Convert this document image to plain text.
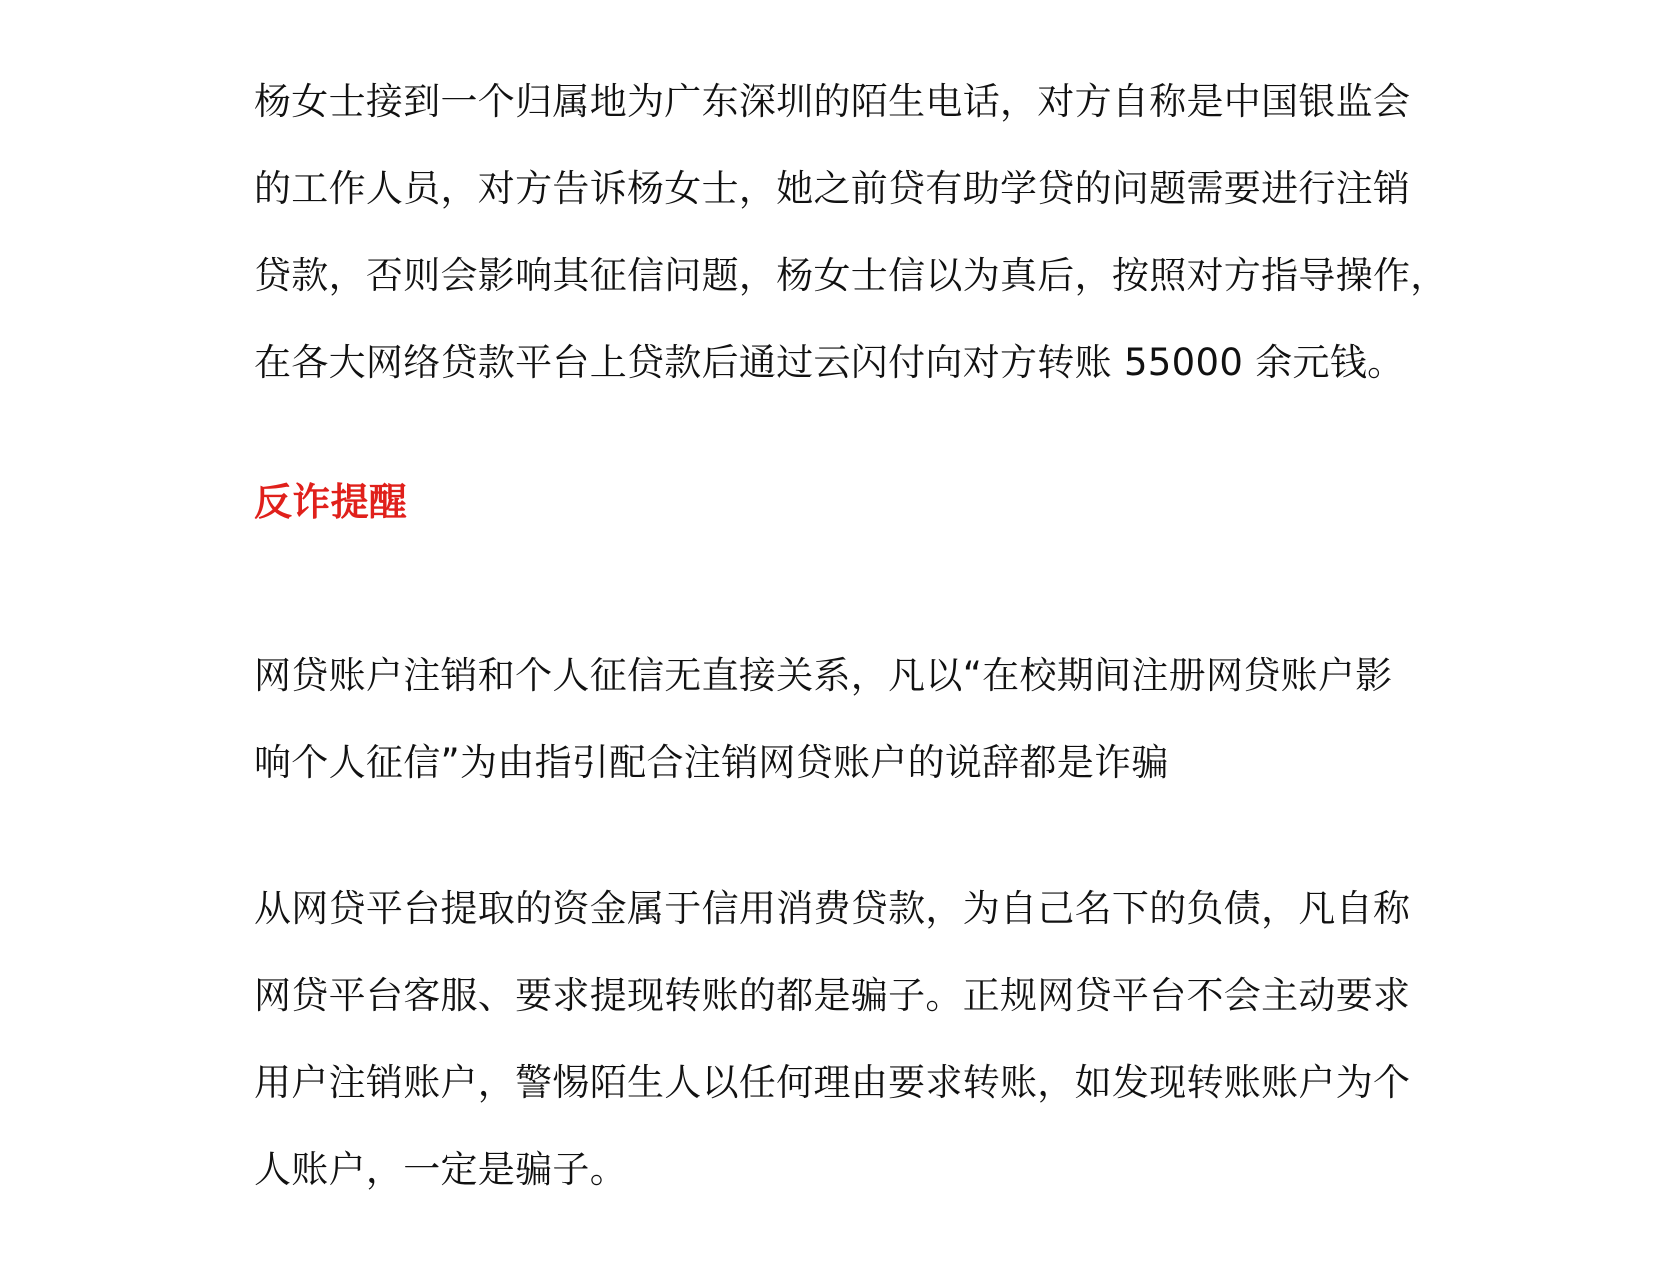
杨女士接到一个归属地为广东深圳的陌生电话，对方自称是中国银监会
的工作人员，对方告诉杨女士，她之前贷有助学贷的问题需要进行注销
贷款，否则会影响其征信问题，杨女士信以为真后，按照对方指导操作，
在各大网络贷款平台上贷款后通过云闪付向对方转账 55000 余元钱。

反诈提醒

网贷账户注销和个人征信无直接关系，凡以“在校期间注册网贷账户影
响个人征信”为由指引配合注销网贷账户的说辞都是诈骗

从网贷平台提取的资金属于信用消费贷款，为自己名下的负债，凡自称
网贷平台客服、要求提现转账的都是骗子。正规网贷平台不会主动要求
用户注销账户，警惕陌生人以任何理由要求转账，如发现转账账户为个
人账户，一定是骗子。
